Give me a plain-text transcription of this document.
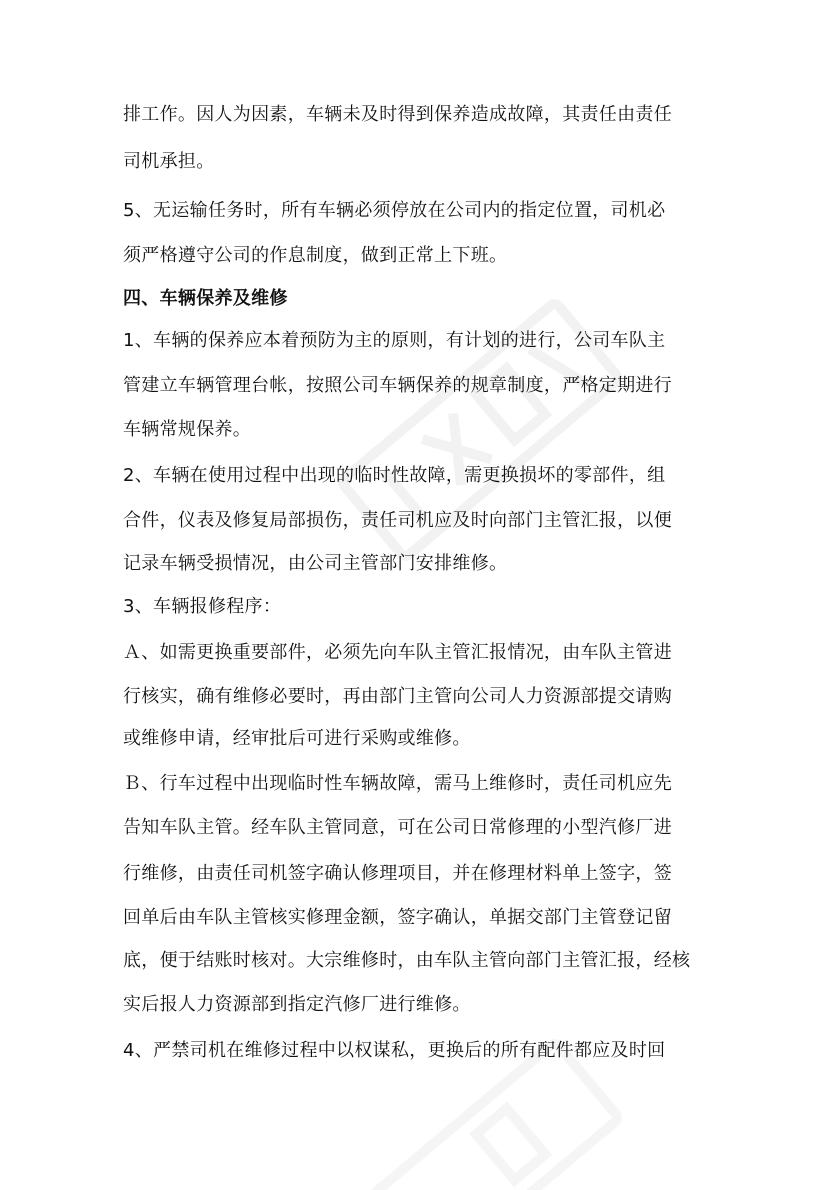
排工作。因人为因素，车辆未及时得到保养造成故障，其责任由责任
司机承担。
5、无运输任务时，所有车辆必须停放在公司内的指定位置，司机必
须严格遵守公司的作息制度，做到正常上下班。
四、车辆保养及维修
1、车辆的保养应本着预防为主的原则，有计划的进行，公司车队主
管建立车辆管理台帐，按照公司车辆保养的规章制度，严格定期进行
车辆常规保养。
2、车辆在使用过程中出现的临时性故障，需更换损坏的零部件，组
合件，仪表及修复局部损伤，责任司机应及时向部门主管汇报，以便
记录车辆受损情况，由公司主管部门安排维修。
3、车辆报修程序：
Ａ、如需更换重要部件，必须先向车队主管汇报情况，由车队主管进
行核实，确有维修必要时，再由部门主管向公司人力资源部提交请购
或维修申请，经审批后可进行采购或维修。
Ｂ、行车过程中出现临时性车辆故障，需马上维修时，责任司机应先
告知车队主管。经车队主管同意，可在公司日常修理的小型汽修厂进
行维修，由责任司机签字确认修理项目，并在修理材料单上签字，签
回单后由车队主管核实修理金额，签字确认，单据交部门主管登记留
底，便于结账时核对。大宗维修时，由车队主管向部门主管汇报，经核
实后报人力资源部到指定汽修厂进行维修。
4、严禁司机在维修过程中以权谋私，更换后的所有配件都应及时回
